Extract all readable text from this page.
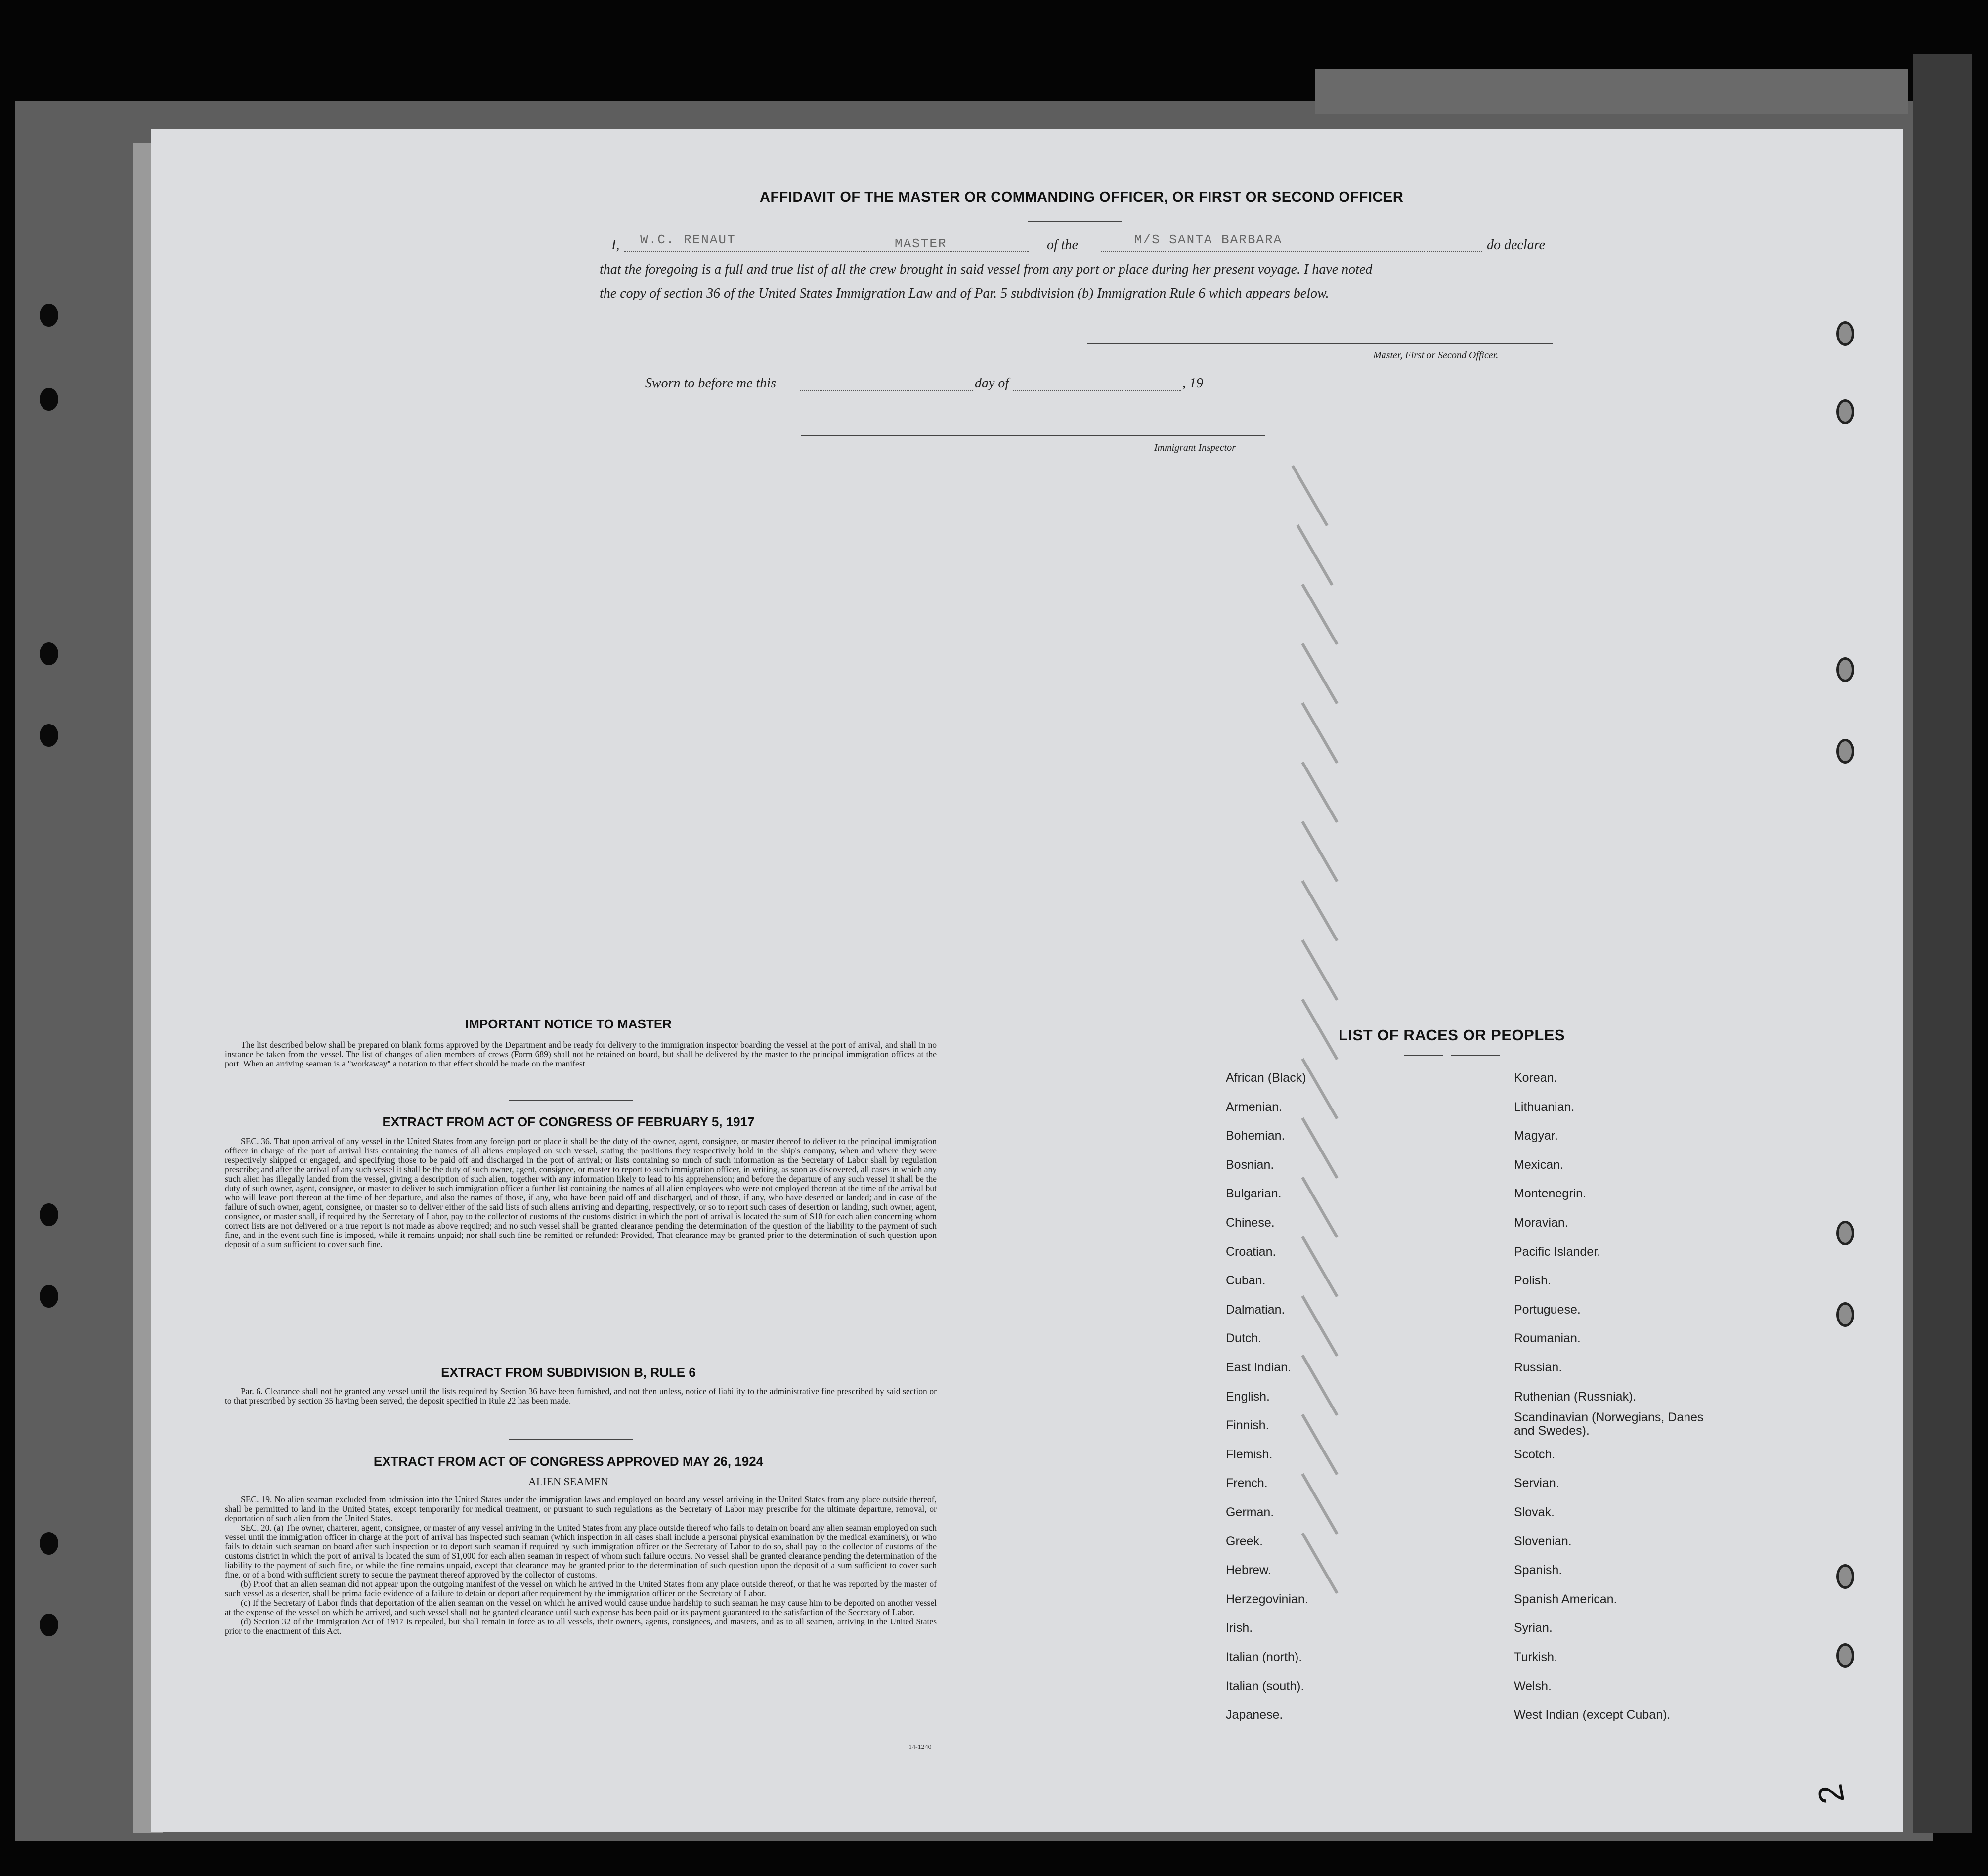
AFFIDAVIT OF THE MASTER OR COMMANDING OFFICER, OR FIRST OR SECOND OFFICER
I, W.C. RENAUT	MASTER	of the	M/S SANTA BARBARA	do declare
that the foregoing is a full and true list of all the crew brought in said vessel from any port or place during her present voyage. I have noted
the copy of section 36 of the United States Immigration Law and of Par. 5 subdivision (b) Immigration Rule 6 which appears below.
Master, First or Second Officer.
Sworn to before me this	day of	, 19
Immigrant Inspector
IMPORTANT NOTICE TO MASTER

The list described below shall be prepared on blank forms approved by the Department and be ready for delivery to the immigration inspector boarding the vessel at the port of arrival, and shall in no instance be taken from the vessel. The list of changes of alien members of crews (Form 689) shall not be retained on board, but shall be delivered by the master to the principal immigration offices at the port. When an arriving seaman is a "workaway" a notation to that effect should be made on the manifest.

EXTRACT FROM ACT OF CONGRESS OF FEBRUARY 5, 1917

SEC. 36. That upon arrival of any vessel in the United States from any foreign port or place it shall be the duty of the owner, agent, consignee, or master thereof to deliver to the principal immigration officer in charge of the port of arrival lists containing the names of all aliens employed on such vessel, stating the positions they respectively hold in the ship's company, when and where they were respectively shipped or engaged, and specifying those to be paid off and discharged in the port of arrival; or lists containing so much of such information as the Secretary of Labor shall by regulation prescribe; and after the arrival of any such vessel it shall be the duty of such owner, agent, consignee, or master to report to such immigration officer, in writing, as soon as discovered, all cases in which any such alien has illegally landed from the vessel, giving a description of such alien, together with any information likely to lead to his apprehension; and before the departure of any such vessel it shall be the duty of such owner, agent, consignee, or master to deliver to such immigration officer a further list containing the names of all alien employees who were not employed thereon at the time of the arrival but who will leave port thereon at the time of her departure, and also the names of those, if any, who have been paid off and discharged, and of those, if any, who have deserted or landed; and in case of the failure of such owner, agent, consignee, or master so to deliver either of the said lists of such aliens arriving and departing, respectively, or so to report such cases of desertion or landing, such owner, agent, consignee, or master shall, if required by the Secretary of Labor, pay to the collector of customs of the customs district in which the port of arrival is located the sum of $10 for each alien concerning whom correct lists are not delivered or a true report is not made as above required; and no such vessel shall be granted clearance pending the determination of the question of the liability to the payment of such fine, and in the event such fine is imposed, while it remains unpaid; nor shall such fine be remitted or refunded: Provided, That clearance may be granted prior to the determination of such question upon deposit of a sum sufficient to cover such fine.

EXTRACT FROM SUBDIVISION B, RULE 6

Par. 6. Clearance shall not be granted any vessel until the lists required by Section 36 have been furnished, and not then unless, notice of liability to the administrative fine prescribed by said section or to that prescribed by section 35 having been served, the deposit specified in Rule 22 has been made.

EXTRACT FROM ACT OF CONGRESS APPROVED MAY 26, 1924
ALIEN SEAMEN

SEC. 19. No alien seaman excluded from admission into the United States under the immigration laws and employed on board any vessel arriving in the United States from any place outside thereof, shall be permitted to land in the United States, except temporarily for medical treatment, or pursuant to such regulations as the Secretary of Labor may prescribe for the ultimate departure, removal, or deportation of such alien from the United States.

SEC. 20. (a) The owner, charterer, agent, consignee, or master of any vessel arriving in the United States from any place outside thereof who fails to detain on board any alien seaman employed on such vessel until the immigration officer in charge at the port of arrival has inspected such seaman (which inspection in all cases shall include a personal physical examination by the medical examiners), or who fails to detain such seaman on board after such inspection or to deport such seaman if required by such immigration officer or the Secretary of Labor to do so, shall pay to the collector of customs of the customs district in which the port of arrival is located the sum of $1,000 for each alien seaman in respect of whom such failure occurs. No vessel shall be granted clearance pending the determination of the liability to the payment of such fine, or while the fine remains unpaid, except that clearance may be granted prior to the determination of such question upon the deposit of a sum sufficient to cover such fine, or of a bond with sufficient surety to secure the payment thereof approved by the collector of customs.

(b) Proof that an alien seaman did not appear upon the outgoing manifest of the vessel on which he arrived in the United States from any place outside thereof, or that he was reported by the master of such vessel as a deserter, shall be prima facie evidence of a failure to detain or deport after requirement by the immigration officer or the Secretary of Labor.

(c) If the Secretary of Labor finds that deportation of the alien seaman on the vessel on which he arrived would cause undue hardship to such seaman he may cause him to be deported on another vessel at the expense of the vessel on which he arrived, and such vessel shall not be granted clearance until such expense has been paid or its payment guaranteed to the satisfaction of the Secretary of Labor.

(d) Section 32 of the Immigration Act of 1917 is repealed, but shall remain in force as to all vessels, their owners, agents, consignees, and masters, and as to all seamen, arriving in the United States prior to the enactment of this Act.

14-1240
LIST OF RACES OR PEOPLES
African (Black)
Armenian.
Bohemian.
Bosnian.
Bulgarian.
Chinese.
Croatian.
Cuban.
Dalmatian.
Dutch.
East Indian.
English.
Finnish.
Flemish.
French.
German.
Greek.
Hebrew.
Herzegovinian.
Irish.
Italian (north).
Italian (south).
Japanese.
Korean.
Lithuanian.
Magyar.
Mexican.
Montenegrin.
Moravian.
Pacific Islander.
Polish.
Portuguese.
Roumanian.
Russian.
Ruthenian (Russniak).
Scandinavian (Norwegians, Danes and Swedes).
Scotch.
Servian.
Slovak.
Slovenian.
Spanish.
Spanish American.
Syrian.
Turkish.
Welsh.
West Indian (except Cuban).
2
